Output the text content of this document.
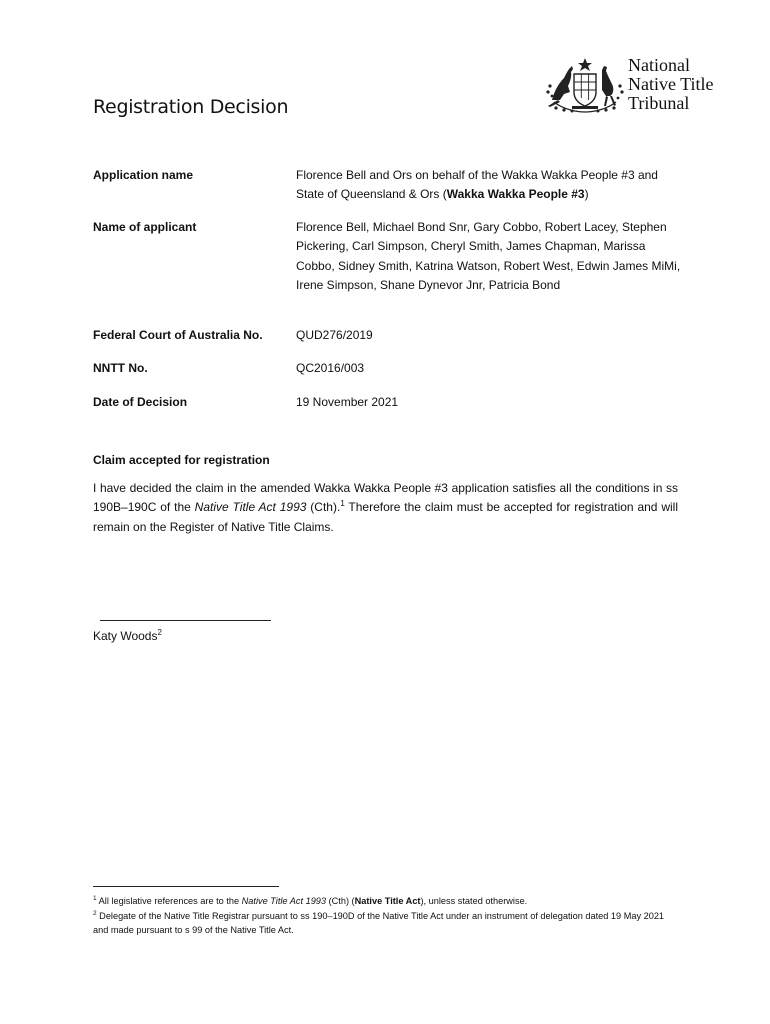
National
Native Title
Tribunal
Registration Decision
Application name	Florence Bell and Ors on behalf of the Wakka Wakka People #3 and State of Queensland & Ors (Wakka Wakka People #3)
Name of applicant	Florence Bell, Michael Bond Snr, Gary Cobbo, Robert Lacey, Stephen Pickering, Carl Simpson, Cheryl Smith, James Chapman, Marissa Cobbo, Sidney Smith, Katrina Watson, Robert West, Edwin James MiMi, Irene Simpson, Shane Dynevor Jnr, Patricia Bond
Federal Court of Australia No.	QUD276/2019
NNTT No.	QC2016/003
Date of Decision	19 November 2021
Claim accepted for registration
I have decided the claim in the amended Wakka Wakka People #3 application satisfies all the conditions in ss 190B–190C of the Native Title Act 1993 (Cth).$^1$ Therefore the claim must be accepted for registration and will remain on the Register of Native Title Claims.
Katy Woods$^2$
$^1$ All legislative references are to the Native Title Act 1993 (Cth) (Native Title Act), unless stated otherwise.
$^2$ Delegate of the Native Title Registrar pursuant to ss 190–190D of the Native Title Act under an instrument of delegation dated 19 May 2021 and made pursuant to s 99 of the Native Title Act.
